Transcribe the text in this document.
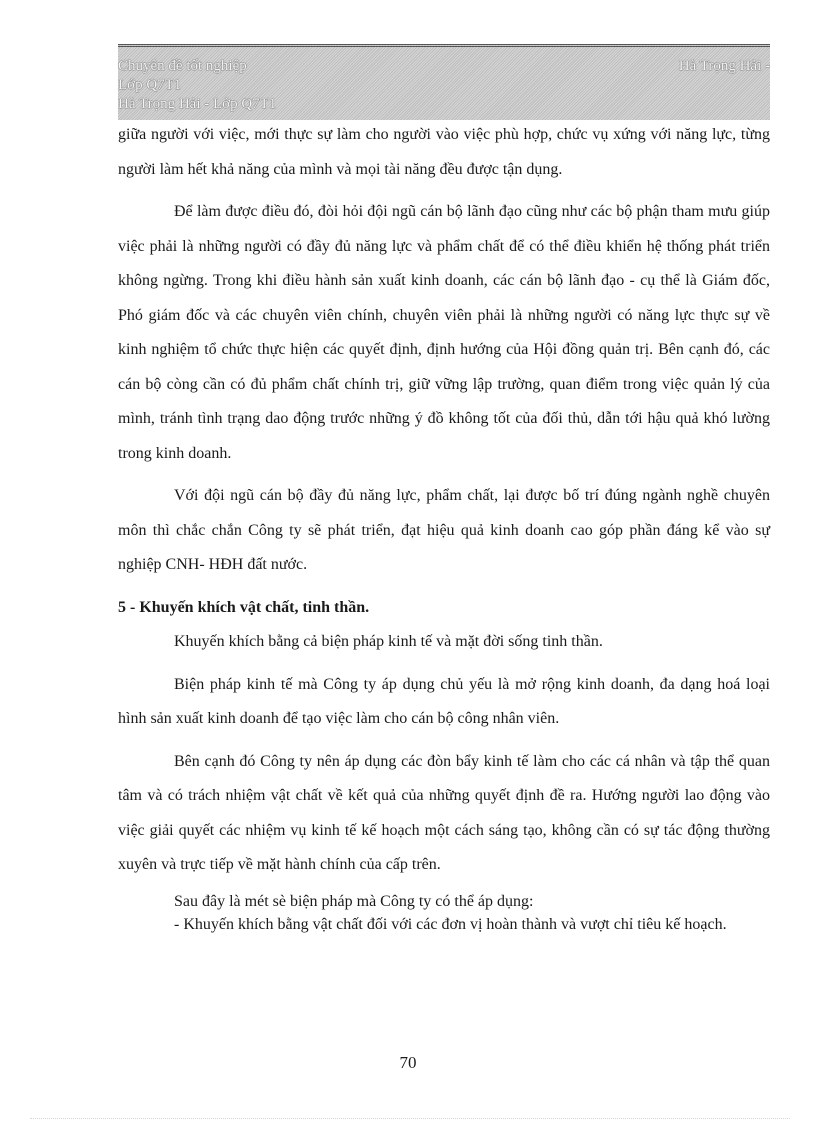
Chuyên đề tốt nghiệp	Hà Trọng Hải -
Lớp Q7T1
Hà Trọng Hải - Lớp Q7T1

giữa người với việc, mới thực sự làm cho người vào việc phù hợp, chức vụ xứng với năng lực, từng người làm hết khả năng của mình và mọi tài năng đều được tận dụng.

Để làm được điều đó, đòi hỏi đội ngũ cán bộ lãnh đạo cũng như các bộ phận tham mưu giúp việc phải là những người có đầy đủ năng lực và phẩm chất để có thể điều khiển hệ thống phát triển không ngừng. Trong khi điều hành sản xuất kinh doanh, các cán bộ lãnh đạo - cụ thể là Giám đốc, Phó giám đốc và các chuyên viên chính, chuyên viên phải là những người có năng lực thực sự về kinh nghiệm tổ chức thực hiện các quyết định, định hướng của Hội đồng quản trị. Bên cạnh đó, các cán bộ còng cần có đủ phẩm chất chính trị, giữ vững lập trường, quan điểm trong việc quản lý của mình, tránh tình trạng dao động trước những ý đồ không tốt của đối thủ, dẫn tới hậu quả khó lường trong kinh doanh.

Với đội ngũ cán bộ đầy đủ năng lực, phẩm chất, lại được bố trí đúng ngành nghề chuyên môn thì chắc chắn Công ty sẽ phát triển, đạt hiệu quả kinh doanh cao góp phần đáng kể vào sự nghiệp CNH- HĐH đất nước.

5 - Khuyến khích vật chất, tinh thần.

Khuyến khích bằng cả biện pháp kinh tế và mặt đời sống tinh thần.

Biện pháp kinh tế mà Công ty áp dụng chủ yếu là mở rộng kinh doanh, đa dạng hoá loại hình sản xuất kinh doanh để tạo việc làm cho cán bộ công nhân viên.

Bên cạnh đó Công ty nên áp dụng các đòn bẩy kinh tế làm cho các cá nhân và tập thể quan tâm và có trách nhiệm vật chất về kết quả của những quyết định đề ra. Hướng người lao động vào việc giải quyết các nhiệm vụ kinh tế kế hoạch một cách sáng tạo, không cần có sự tác động thường xuyên và trực tiếp về mặt hành chính của cấp trên.

Sau đây là mét sè biện pháp mà Công ty có thể áp dụng:

- Khuyến khích bằng vật chất đối với các đơn vị hoàn thành và vượt chỉ tiêu kế hoạch.

70
